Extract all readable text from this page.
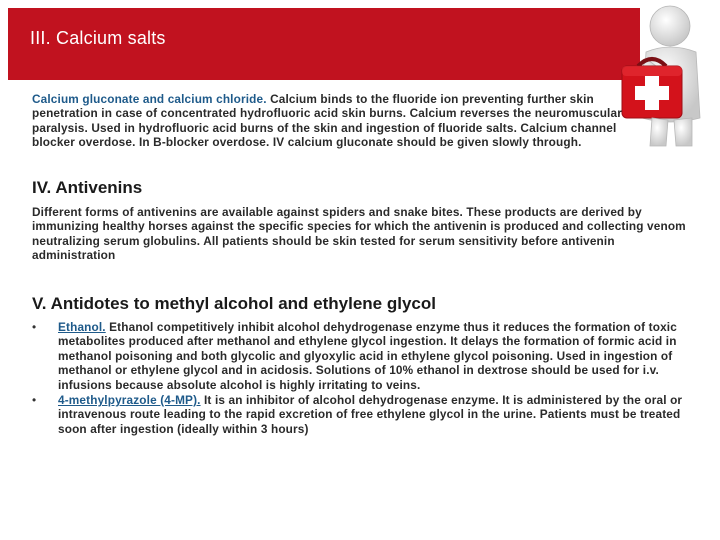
III. Calcium salts
Calcium gluconate and calcium chloride. Calcium binds to the fluoride ion preventing further skin penetration in case of concentrated hydrofluoric acid skin burns. Calcium reverses the neuromuscular paralysis. Used in hydrofluoric acid burns of the skin and ingestion of fluoride salts. Calcium channel blocker overdose. In B-blocker overdose. IV calcium gluconate should be given slowly through.
IV. Antivenins
Different forms of antivenins are available against spiders and snake bites. These products are derived by immunizing healthy horses against the specific species for which the antivenin is produced and collecting venom neutralizing serum globulins. All patients should be skin tested for serum sensitivity before antivenin administration
V. Antidotes to methyl alcohol and ethylene glycol
• Ethanol. Ethanol competitively inhibit alcohol dehydrogenase enzyme thus it reduces the formation of toxic metabolites produced after methanol and ethylene glycol ingestion. It delays the formation of formic acid in methanol poisoning and both glycolic and glyoxylic acid in ethylene glycol poisoning. Used in ingestion of methanol or ethylene glycol and in acidosis. Solutions of 10% ethanol in dextrose should be used for i.v. infusions because absolute alcohol is highly irritating to veins.
• 4-methylpyrazole (4-MP). It is an inhibitor of alcohol dehydrogenase enzyme. It is administered by the oral or intravenous route leading to the rapid excretion of free ethylene glycol in the urine. Patients must be treated soon after ingestion (ideally within 3 hours)
